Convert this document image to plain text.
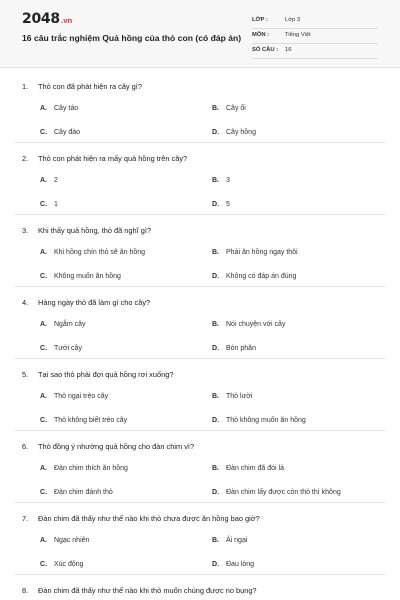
2048.vn
16 câu trắc nghiệm Quả hồng của thỏ con (có đáp án)
LỚP :	Lớp 3
MÔN :	Tiếng Việt
SỐ CÂU : 16
1. Thỏ con đã phát hiện ra cây gì?
A. Cây táo	B. Cây ổi
C. Cây đào	D. Cây hồng
2. Thỏ con phát hiện ra mấy quả hồng trên cây?
A. 2	B. 3
C. 1	D. 5
3. Khi thấy quả hồng, thỏ đã nghĩ gì?
A. Khi hồng chín thỏ sẽ ăn hồng	B. Phải ăn hồng ngay thôi
C. Không muốn ăn hồng	D. Không có đáp án đúng
4. Hàng ngày thỏ đã làm gì cho cây?
A. Ngắm cây	B. Nói chuyện với cây
C. Tưới cây	D. Bón phân
5. Tại sao thỏ phải đợi quả hồng rơi xuống?
A. Thỏ ngại trèo cây	B. Thỏ lười
C. Thỏ không biết trèo cây	D. Thỏ không muốn ăn hồng
6. Thỏ đồng ý nhường quả hồng cho đàn chim vì?
A. Đàn chim thích ăn hồng	B. Đàn chim đã đói lả
C. Đàn chim đánh thỏ	D. Đàn chim lấy được còn thỏ thì không
7. Đàn chim đã thấy như thế nào khi thỏ chưa được ăn hồng bao giờ?
A. Ngạc nhiên	B. Ái ngại
C. Xúc động	D. Đau lòng
8. Đàn chim đã thấy như thế nào khi thỏ muốn chúng được no bụng?
